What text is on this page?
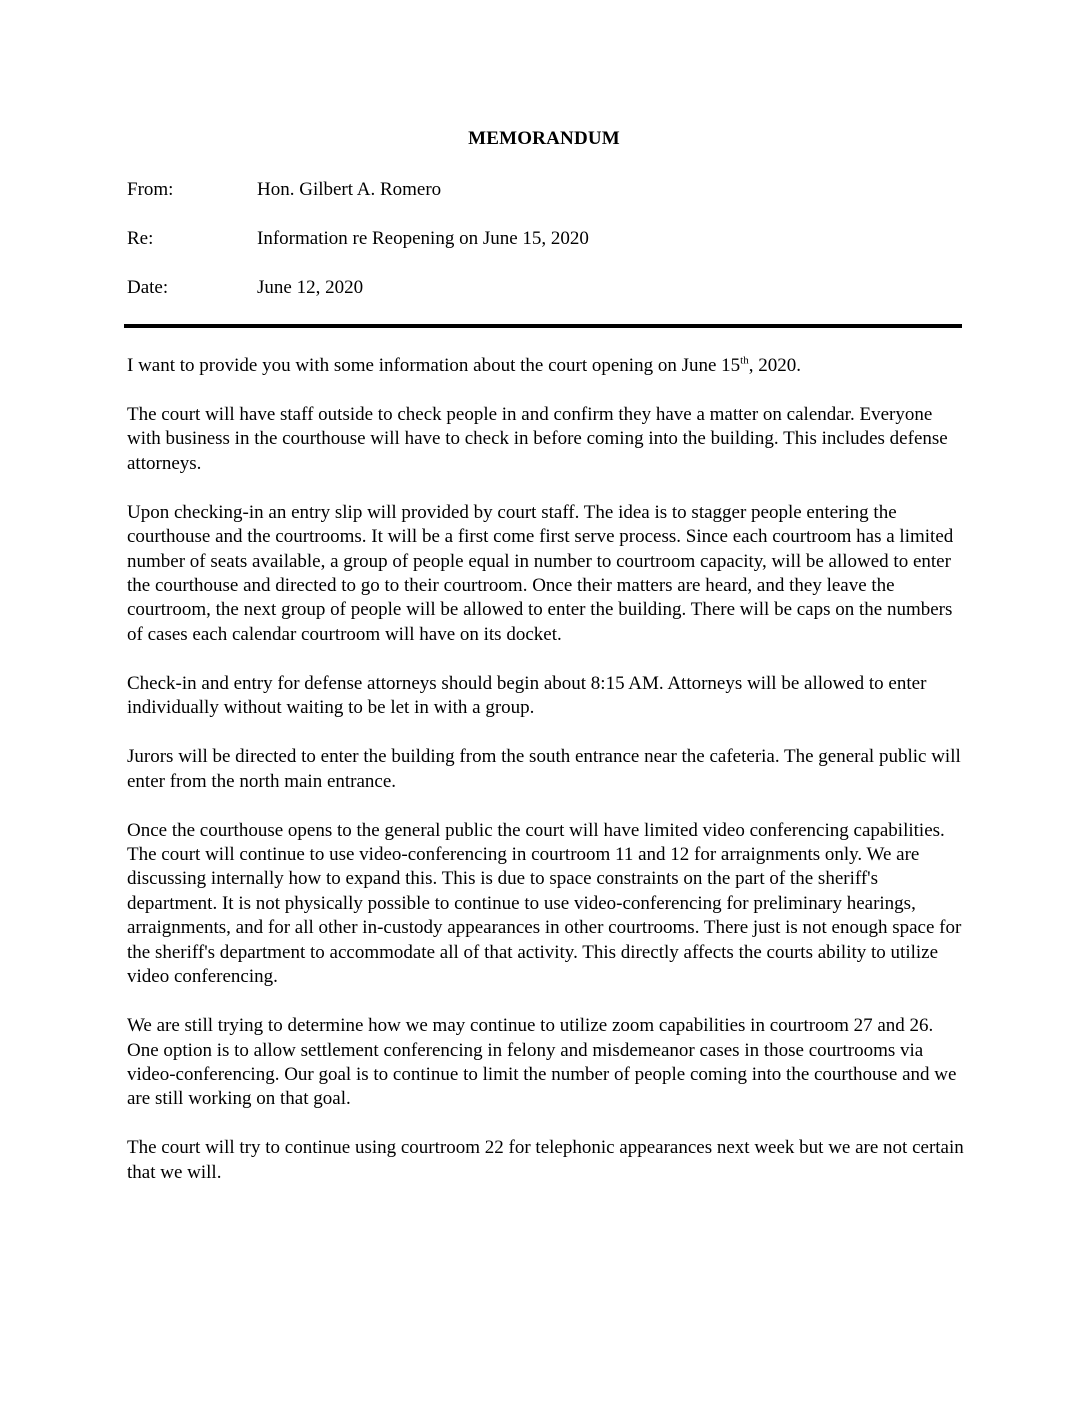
MEMORANDUM
From:	Hon. Gilbert A. Romero
Re:	Information re Reopening on June 15, 2020
Date:	June 12, 2020

I want to provide you with some information about the court opening on June 15th, 2020.

The court will have staff outside to check people in and confirm they have a matter on calendar. Everyone with business in the courthouse will have to check in before coming into the building. This includes defense attorneys.

Upon checking-in an entry slip will provided by court staff. The idea is to stagger people entering the courthouse and the courtrooms. It will be a first come first serve process. Since each courtroom has a limited number of seats available, a group of people equal in number to courtroom capacity, will be allowed to enter the courthouse and directed to go to their courtroom. Once their matters are heard, and they leave the courtroom, the next group of people will be allowed to enter the building. There will be caps on the numbers of cases each calendar courtroom will have on its docket.

Check-in and entry for defense attorneys should begin about 8:15 AM. Attorneys will be allowed to enter individually without waiting to be let in with a group.

Jurors will be directed to enter the building from the south entrance near the cafeteria. The general public will enter from the north main entrance.

Once the courthouse opens to the general public the court will have limited video conferencing capabilities. The court will continue to use video-conferencing in courtroom 11 and 12 for arraignments only. We are discussing internally how to expand this. This is due to space constraints on the part of the sheriff's department. It is not physically possible to continue to use video-conferencing for preliminary hearings, arraignments, and for all other in-custody appearances in other courtrooms. There just is not enough space for the sheriff's department to accommodate all of that activity. This directly affects the courts ability to utilize video conferencing.

We are still trying to determine how we may continue to utilize zoom capabilities in courtroom 27 and 26. One option is to allow settlement conferencing in felony and misdemeanor cases in those courtrooms via video-conferencing. Our goal is to continue to limit the number of people coming into the courthouse and we are still working on that goal.

The court will try to continue using courtroom 22 for telephonic appearances next week but we are not certain that we will.
